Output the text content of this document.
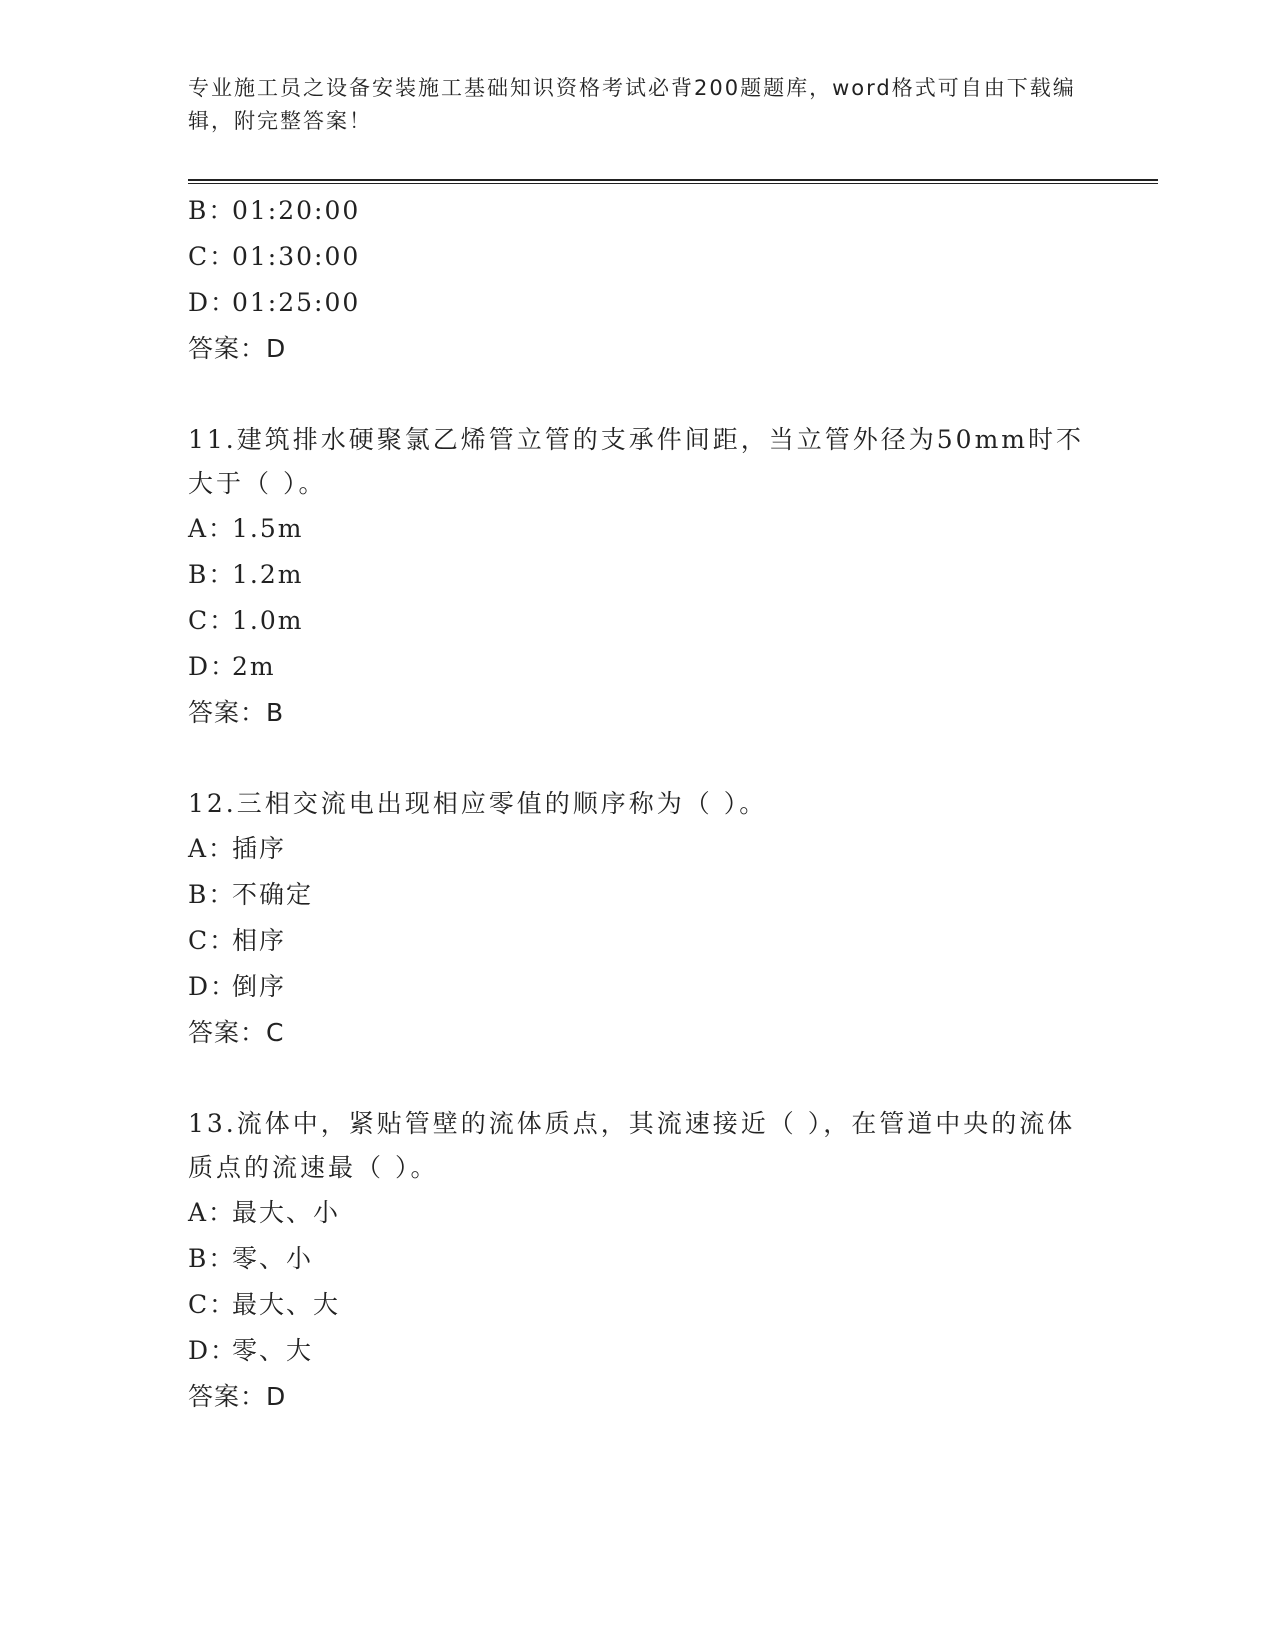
专业施工员之设备安装施工基础知识资格考试必背200题题库，word格式可自由下载编辑，附完整答案！

B：01:20:00

C：01:30:00

D：01:25:00

答案：D

11.建筑排水硬聚氯乙烯管立管的支承件间距，当立管外径为50mm时不大于（ ）。

A：1.5m

B：1.2m

C：1.0m

D：2m

答案：B

12.三相交流电出现相应零值的顺序称为（ ）。

A：插序

B：不确定

C：相序

D：倒序

答案：C

13.流体中，紧贴管壁的流体质点，其流速接近（ ），在管道中央的流体质点的流速最（ ）。

A：最大、小

B：零、小

C：最大、大

D：零、大

答案：D
